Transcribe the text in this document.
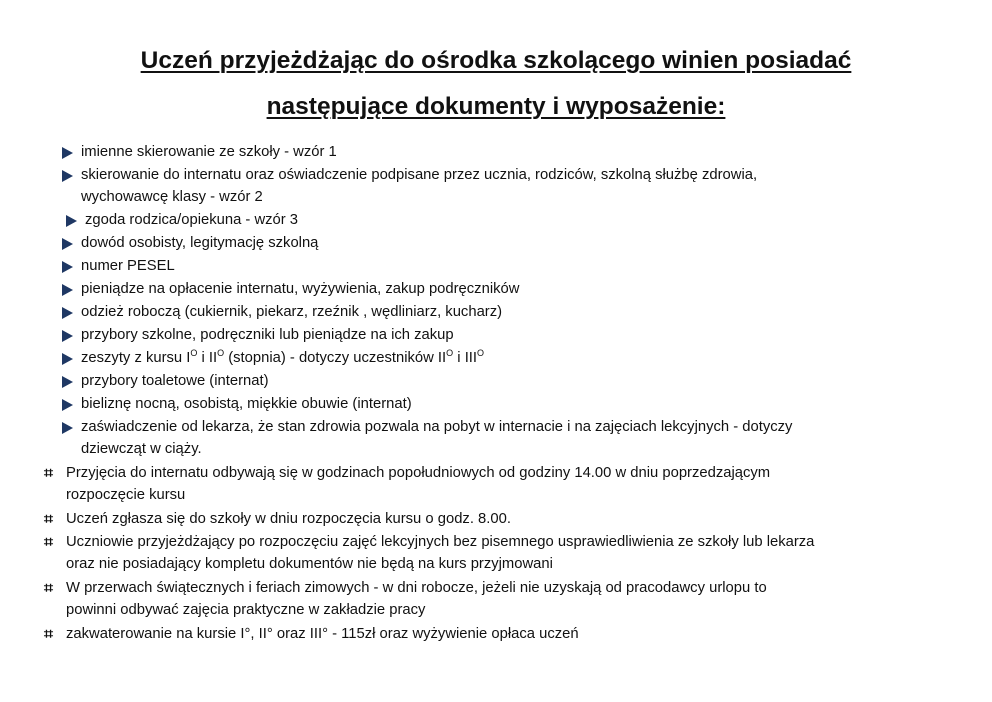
Uczeń przyjeżdżając do ośrodka szkolącego winien posiadać
następujące dokumenty i wyposażenie:
imienne skierowanie ze szkoły - wzór 1
skierowanie do internatu oraz oświadczenie podpisane przez ucznia, rodziców, szkolną służbę zdrowia,
wychowawcę klasy - wzór 2
zgoda rodzica/opiekuna - wzór 3
dowód osobisty, legitymację szkolną
numer PESEL
pieniądze na opłacenie internatu, wyżywienia, zakup podręczników
odzież roboczą (cukiernik, piekarz, rzeźnik , wędliniarz, kucharz)
przybory szkolne, podręczniki lub pieniądze na ich zakup
zeszyty z kursu $I^O$ i $II^O$ (stopnia) - dotyczy uczestników $II^O$ i $III^O$
przybory toaletowe (internat)
bieliznę nocną, osobistą, miękkie obuwie (internat)
zaświadczenie od lekarza, że stan zdrowia pozwala na pobyt w internacie i na zajęciach lekcyjnych - dotyczy
dziewcząt w ciąży.
⌗ Przyjęcia do internatu odbywają się w godzinach popołudniowych od godziny 14.00 w dniu poprzedzającym
rozpoczęcie kursu
⌗ Uczeń zgłasza się do szkoły w dniu rozpoczęcia kursu o godz. 8.00.
⌗ Uczniowie przyjeżdżający po rozpoczęciu zajęć lekcyjnych bez pisemnego usprawiedliwienia ze szkoły lub lekarza
oraz nie posiadający kompletu dokumentów nie będą na kurs przyjmowani
⌗ W przerwach świątecznych i feriach zimowych - w dni robocze, jeżeli nie uzyskają od pracodawcy urlopu to
powinni odbywać zajęcia praktyczne w zakładzie pracy
⌗ zakwaterowanie na kursie I°, II° oraz III° - 115zł oraz wyżywienie opłaca uczeń
